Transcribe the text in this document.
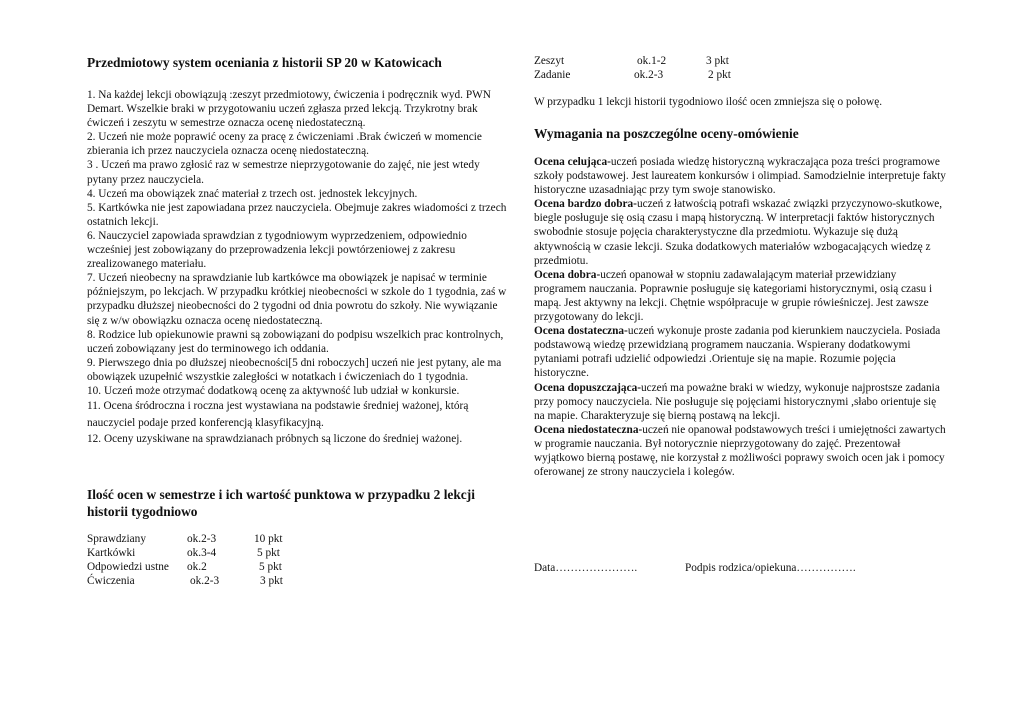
Przedmiotowy system oceniania z historii SP 20 w Katowicach

1. Na każdej lekcji obowiązują :zeszyt przedmiotowy, ćwiczenia i podręcznik wyd. PWN Demart. Wszelkie braki w przygotowaniu uczeń zgłasza przed lekcją. Trzykrotny brak ćwiczeń i zeszytu w semestrze oznacza ocenę niedostateczną.

2. Uczeń nie może poprawić oceny za pracę z ćwiczeniami .Brak ćwiczeń w momencie zbierania ich przez nauczyciela oznacza ocenę niedostateczną.

3 . Uczeń ma prawo zgłosić raz w semestrze nieprzygotowanie do zajęć, nie jest wtedy pytany przez nauczyciela.

4. Uczeń ma obowiązek znać materiał z trzech ost. jednostek lekcyjnych.

5. Kartkówka nie jest zapowiadana przez nauczyciela. Obejmuje zakres wiadomości z trzech ostatnich lekcji.

6. Nauczyciel zapowiada sprawdzian z tygodniowym wyprzedzeniem, odpowiednio wcześniej jest zobowiązany do przeprowadzenia lekcji powtórzeniowej z zakresu zrealizowanego materiału.

7. Uczeń nieobecny na sprawdzianie lub kartkówce ma obowiązek je napisać w terminie późniejszym, po lekcjach. W przypadku krótkiej nieobecności w szkole do 1 tygodnia, zaś w przypadku dłuższej nieobecności do 2 tygodni od dnia powrotu do szkoły. Nie wywiązanie się z w/w obowiązku oznacza ocenę niedostateczną.

8. Rodzice lub opiekunowie prawni są zobowiązani do podpisu wszelkich prac kontrolnych, uczeń zobowiązany jest do terminowego ich oddania.

9. Pierwszego dnia po dłuższej nieobecności[5 dni roboczych] uczeń nie jest pytany, ale ma obowiązek uzupełnić wszystkie zaległości w notatkach i ćwiczeniach do 1 tygodnia.

10. Uczeń może otrzymać dodatkową ocenę za aktywność lub udział w konkursie.

11. Ocena śródroczna i roczna jest wystawiana na podstawie średniej ważonej, którą nauczyciel podaje przed konferencją klasyfikacyjną.

12. Oceny uzyskiwane na sprawdzianach próbnych są liczone do średniej ważonej.

Ilość ocen w semestrze i ich wartość punktowa w przypadku 2 lekcji historii tygodniowo
Sprawdziany	ok.2-3	10 pkt
Kartkówki	ok.3-4	5 pkt
Odpowiedzi ustne ok.2	5 pkt
Ćwiczenia	ok.2-3	3 pkt
Zeszyt	ok.1-2	3 pkt
Zadanie	ok.2-3	2 pkt
W przypadku 1 lekcji historii tygodniowo ilość ocen zmniejsza się o połowę.
Wymagania na poszczególne oceny-omówienie

Ocena celująca-uczeń posiada wiedzę historyczną wykraczająca poza treści programowe szkoły podstawowej. Jest laureatem konkursów i olimpiad. Samodzielnie interpretuje fakty historyczne uzasadniając przy tym swoje stanowisko.

Ocena bardzo dobra-uczeń z łatwością potrafi wskazać związki przyczynowo-skutkowe, biegle posługuje się osią czasu i mapą historyczną. W interpretacji faktów historycznych swobodnie stosuje pojęcia charakterystyczne dla przedmiotu. Wykazuje się dużą aktywnością w czasie lekcji. Szuka dodatkowych materiałów wzbogacających wiedzę z przedmiotu.

Ocena dobra-uczeń opanował w stopniu zadawalającym materiał przewidziany programem nauczania. Poprawnie posługuje się kategoriami historycznymi, osią czasu i mapą. Jest aktywny na lekcji. Chętnie współpracuje w grupie rówieśniczej. Jest zawsze przygotowany do lekcji.

Ocena dostateczna-uczeń wykonuje proste zadania pod kierunkiem nauczyciela. Posiada podstawową wiedzę przewidzianą programem nauczania. Wspierany dodatkowymi pytaniami potrafi udzielić odpowiedzi .Orientuje się na mapie. Rozumie pojęcia historyczne.

Ocena dopuszczająca-uczeń ma poważne braki w wiedzy, wykonuje najprostsze zadania przy pomocy nauczyciela. Nie posługuje się pojęciami historycznymi ,słabo orientuje się na mapie. Charakteryzuje się bierną postawą na lekcji.

Ocena niedostateczna-uczeń nie opanował podstawowych treści i umiejętności zawartych w programie nauczania. Był notorycznie nieprzygotowany do zajęć. Prezentował wyjątkowo bierną postawę, nie korzystał z możliwości poprawy swoich ocen jak i pomocy oferowanej ze strony nauczyciela i kolegów.

Data………………….	Podpis rodzica/opiekuna…………….
